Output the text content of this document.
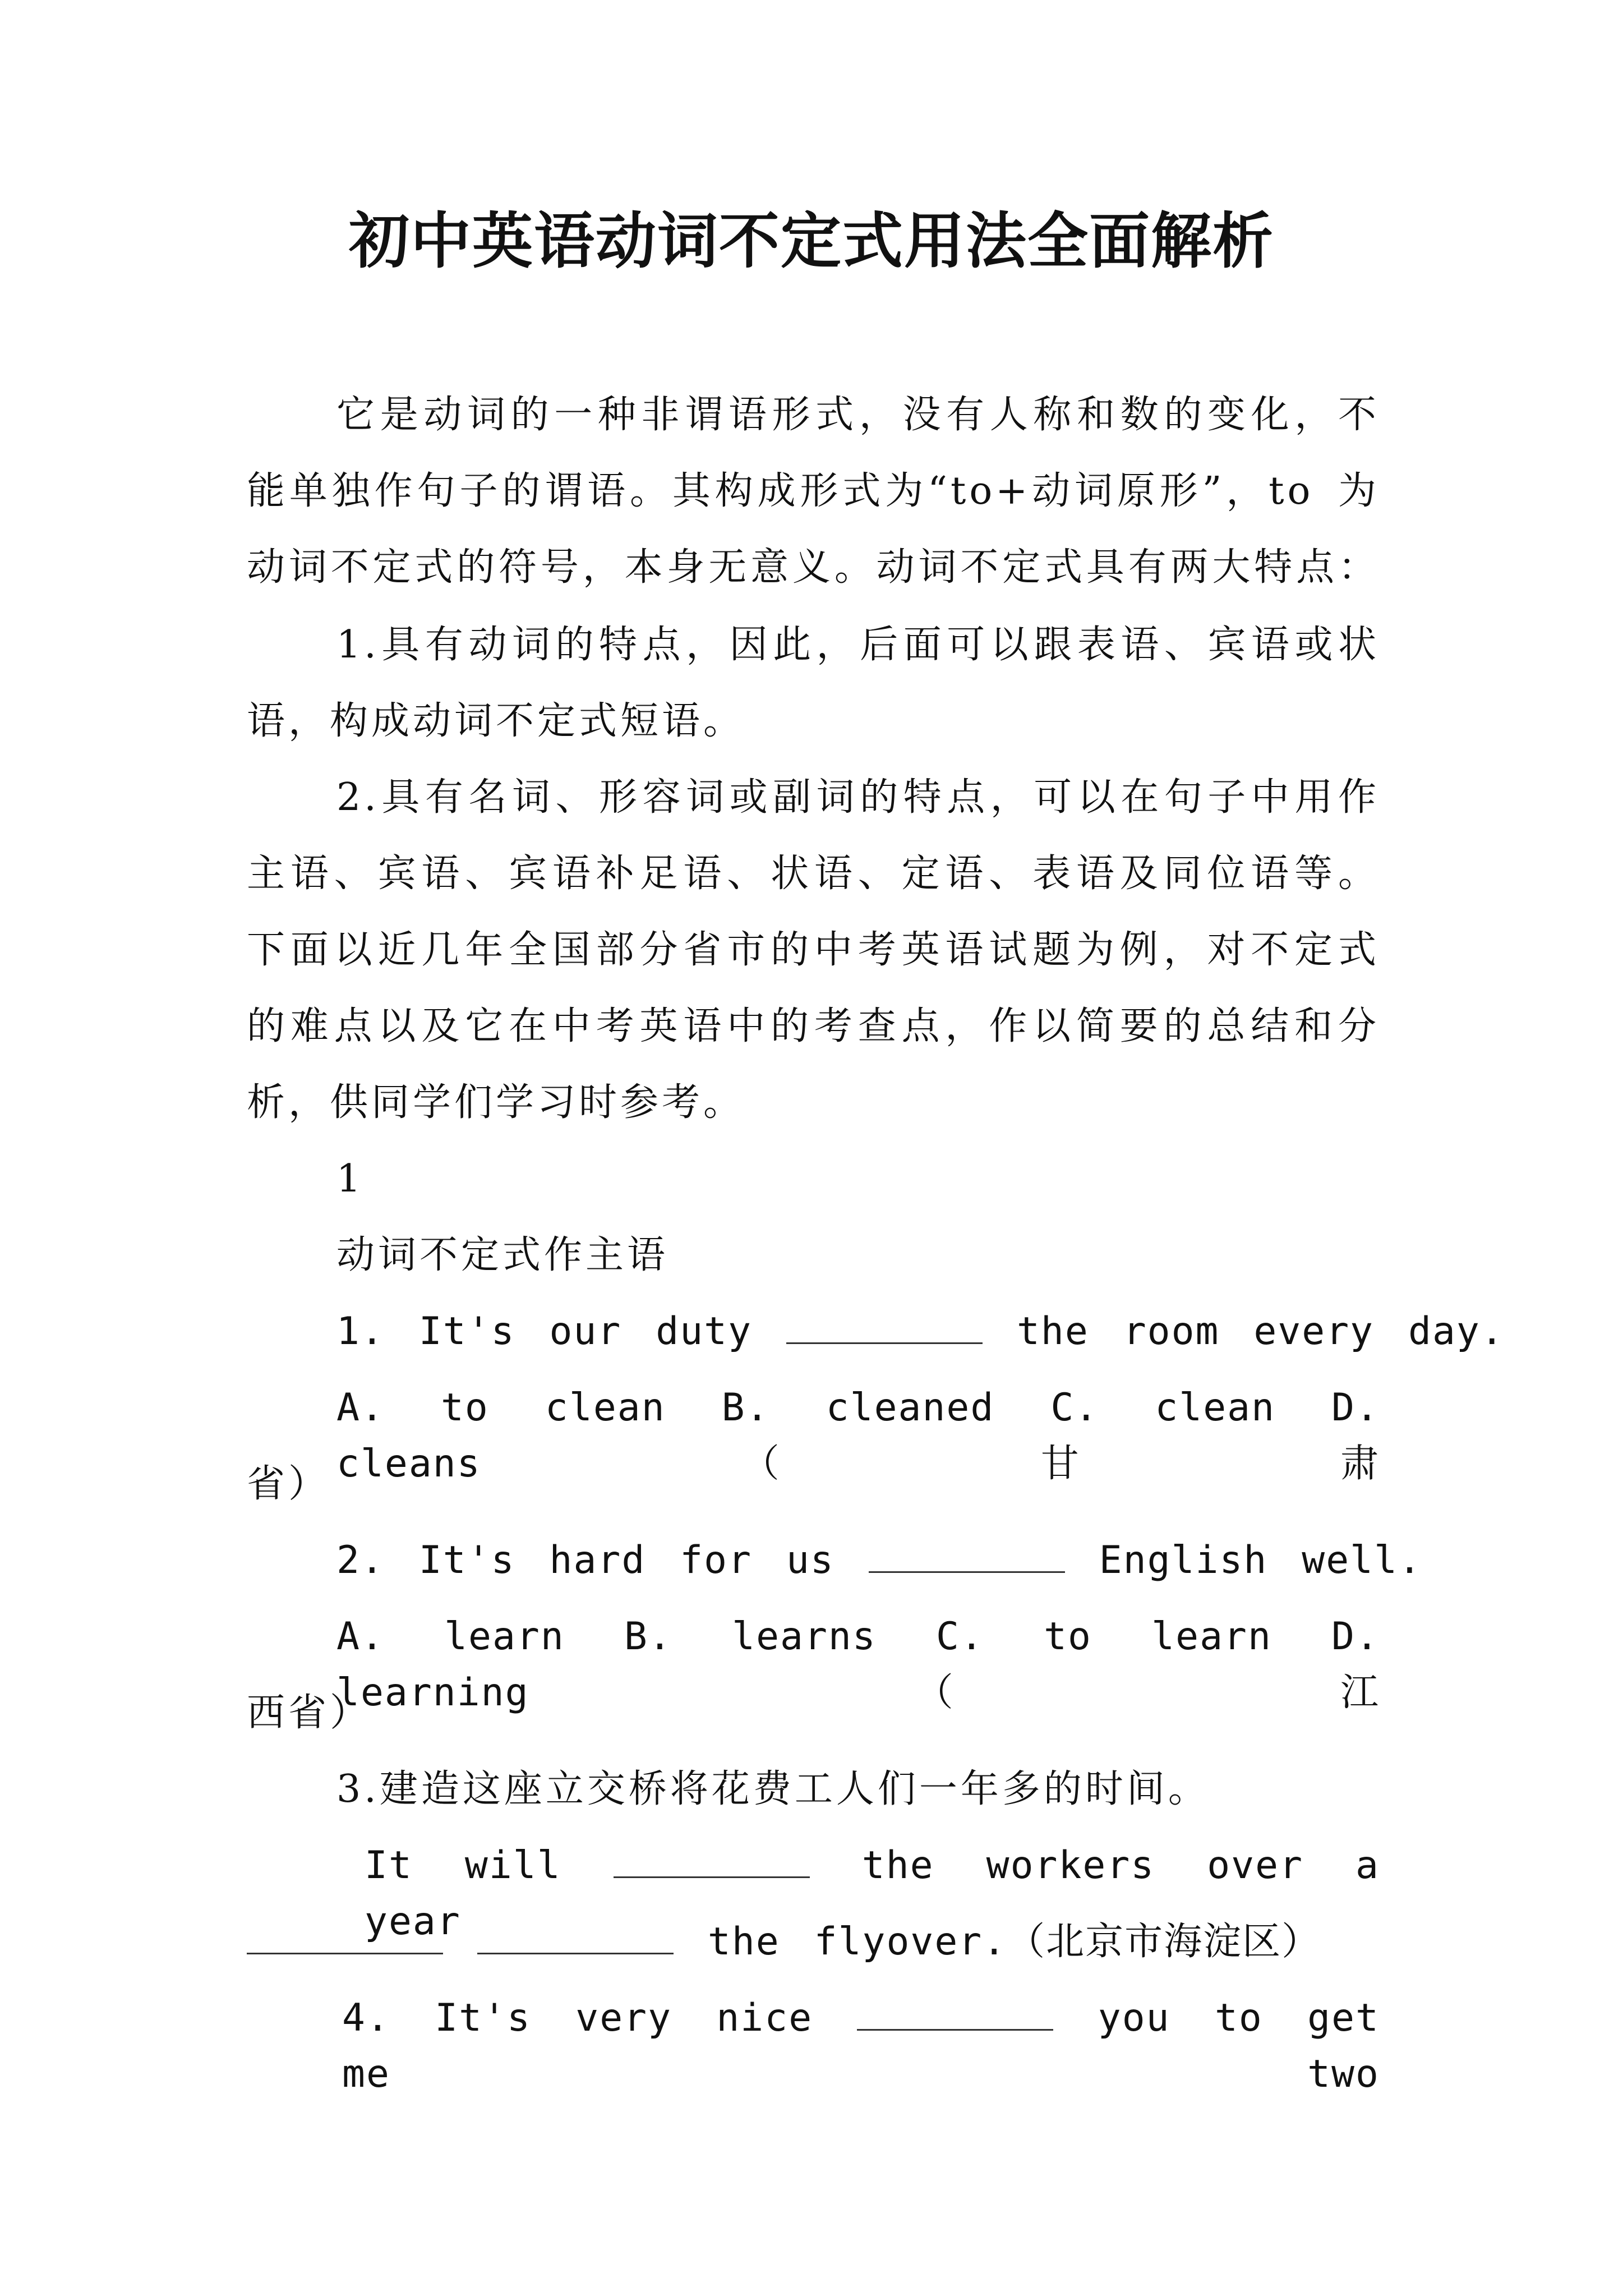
初中英语动词不定式用法全面解析
它是动词的一种非谓语形式，没有人称和数的变化，不
能单独作句子的谓语。其构成形式为“to+动词原形”，to 为
动词不定式的符号，本身无意义。动词不定式具有两大特点：
1.具有动词的特点，因此，后面可以跟表语、宾语或状
语，构成动词不定式短语。
2.具有名词、形容词或副词的特点，可以在句子中用作
主语、宾语、宾语补足语、状语、定语、表语及同位语等。
下面以近几年全国部分省市的中考英语试题为例，对不定式
的难点以及它在中考英语中的考查点，作以简要的总结和分
析，供同学们学习时参考。
1
动词不定式作主语
1. It's our duty	the room every day.
A. to clean B. cleaned C. clean D. cleans（甘肃
省）
2. It's hard for us	English well.
A. learn B. learns C. to learn D. learning（江
西省）
3.建造这座立交桥将花费工人们一年多的时间。
It will	the workers over a year	the flyover.（北京市海淀区）
4. It's very nice	you to get me two
